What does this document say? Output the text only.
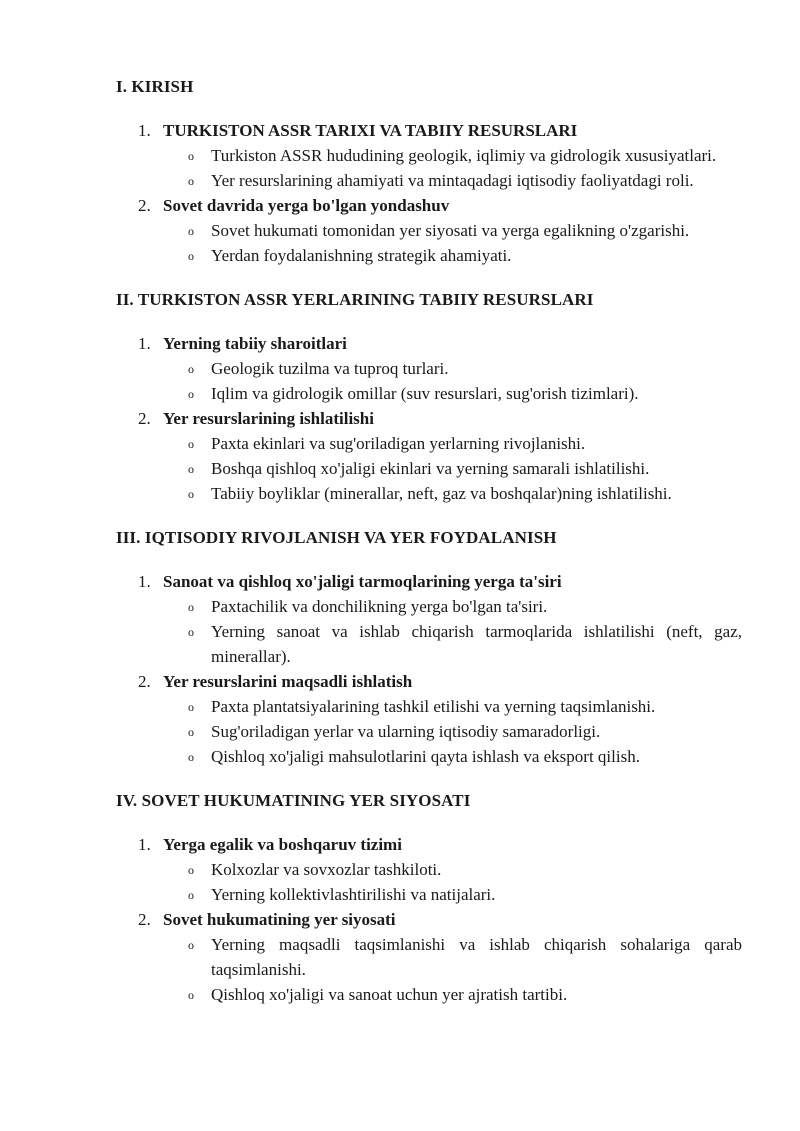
I. KIRISH
1. TURKISTON ASSR TARIXI VA TABIIY RESURSLARI
o Turkiston ASSR hududining geologik, iqlimiy va gidrologik xususiyatlari.
o Yer resurslarining ahamiyati va mintaqadagi iqtisodiy faoliyatdagi roli.
2. Sovet davrida yerga bo'lgan yondashuv
o Sovet hukumati tomonidan yer siyosati va yerga egalikning o'zgarishi.
o Yerdan foydalanishning strategik ahamiyati.
II. TURKISTON ASSR YERLARINING TABIIY RESURSLARI
1. Yerning tabiiy sharoitlari
o Geologik tuzilma va tuproq turlari.
o Iqlim va gidrologik omillar (suv resurslari, sug'orish tizimlari).
2. Yer resurslarining ishlatilishi
o Paxta ekinlari va sug'oriladigan yerlarning rivojlanishi.
o Boshqa qishloq xo'jaligi ekinlari va yerning samarali ishlatilishi.
o Tabiiy boyliklar (minerallar, neft, gaz va boshqalar)ning ishlatilishi.
III. IQTISODIY RIVOJLANISH VA YER FOYDALANISH
1. Sanoat va qishloq xo'jaligi tarmoqlarining yerga ta'siri
o Paxtachilik va donchilikning yerga bo'lgan ta'siri.
o Yerning sanoat va ishlab chiqarish tarmoqlarida ishlatilishi (neft, gaz, minerallar).
2. Yer resurslarini maqsadli ishlatish
o Paxta plantatsiyalarining tashkil etilishi va yerning taqsimlanishi.
o Sug'oriladigan yerlar va ularning iqtisodiy samaradorligi.
o Qishloq xo'jaligi mahsulotlarini qayta ishlash va eksport qilish.
IV. SOVET HUKUMATINING YER SIYOSATI
1. Yerga egalik va boshqaruv tizimi
o Kolxozlar va sovxozlar tashkiloti.
o Yerning kollektivlashtirilishi va natijalari.
2. Sovet hukumatining yer siyosati
o Yerning maqsadli taqsimlanishi va ishlab chiqarish sohalariga qarab taqsimlanishi.
o Qishloq xo'jaligi va sanoat uchun yer ajratish tartibi.
